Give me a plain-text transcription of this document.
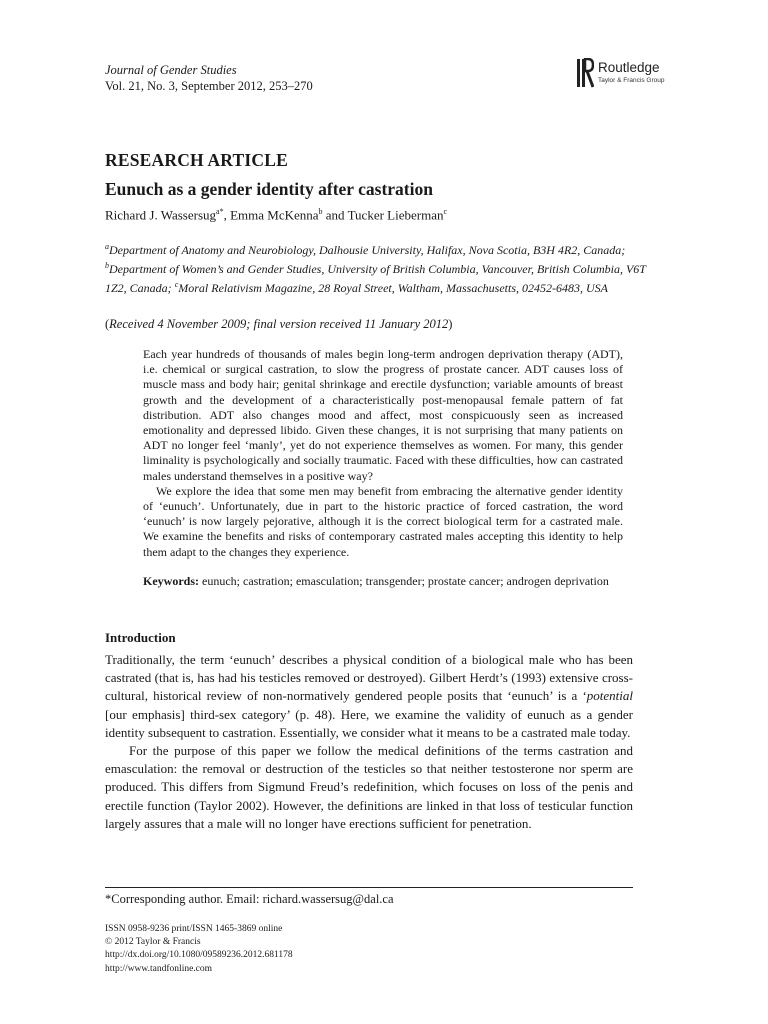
Journal of Gender Studies
Vol. 21, No. 3, September 2012, 253–270
Routledge
Taylor & Francis Group
RESEARCH ARTICLE
Eunuch as a gender identity after castration
Richard J. Wassersug$^{a*}$, Emma McKenna$^b$ and Tucker Lieberman$^c$
$^a$Department of Anatomy and Neurobiology, Dalhousie University, Halifax, Nova Scotia, B3H 4R2, Canada; $^b$Department of Women’s and Gender Studies, University of British Columbia, Vancouver, British Columbia, V6T 1Z2, Canada; $^c$Moral Relativism Magazine, 28 Royal Street, Waltham, Massachusetts, 02452-6483, USA
(Received 4 November 2009; final version received 11 January 2012)

Each year hundreds of thousands of males begin long-term androgen deprivation therapy (ADT), i.e. chemical or surgical castration, to slow the progress of prostate cancer. ADT causes loss of muscle mass and body hair; genital shrinkage and erectile dysfunction; variable amounts of breast growth and the development of a characteristically post-menopausal female pattern of fat distribution. ADT also changes mood and affect, most conspicuously seen as increased emotionality and depressed libido. Given these changes, it is not surprising that many patients on ADT no longer feel ‘manly’, yet do not experience themselves as women. For many, this gender liminality is psychologically and socially traumatic. Faced with these difficulties, how can castrated males understand themselves in a positive way?

We explore the idea that some men may benefit from embracing the alternative gender identity of ‘eunuch’. Unfortunately, due in part to the historic practice of forced castration, the word ‘eunuch’ is now largely pejorative, although it is the correct biological term for a castrated male. We examine the benefits and risks of contemporary castrated males accepting this identity to help them adapt to the changes they experience.

Keywords: eunuch; castration; emasculation; transgender; prostate cancer; androgen deprivation
Introduction

Traditionally, the term ‘eunuch’ describes a physical condition of a biological male who has been castrated (that is, has had his testicles removed or destroyed). Gilbert Herdt’s (1993) extensive cross-cultural, historical review of non-normatively gendered people posits that ‘eunuch’ is a ‘potential [our emphasis] third-sex category’ (p. 48). Here, we examine the validity of eunuch as a gender identity subsequent to castration. Essentially, we consider what it means to be a castrated male today.

For the purpose of this paper we follow the medical definitions of the terms castration and emasculation: the removal or destruction of the testicles so that neither testosterone nor sperm are produced. This differs from Sigmund Freud’s redefinition, which focuses on loss of the penis and erectile function (Taylor 2002). However, the definitions are linked in that loss of testicular function largely assures that a male will no longer have erections sufficient for penetration.

*Corresponding author. Email: richard.wassersug@dal.ca
ISSN 0958-9236 print/ISSN 1465-3869 online
© 2012 Taylor & Francis
http://dx.doi.org/10.1080/09589236.2012.681178
http://www.tandfonline.com
